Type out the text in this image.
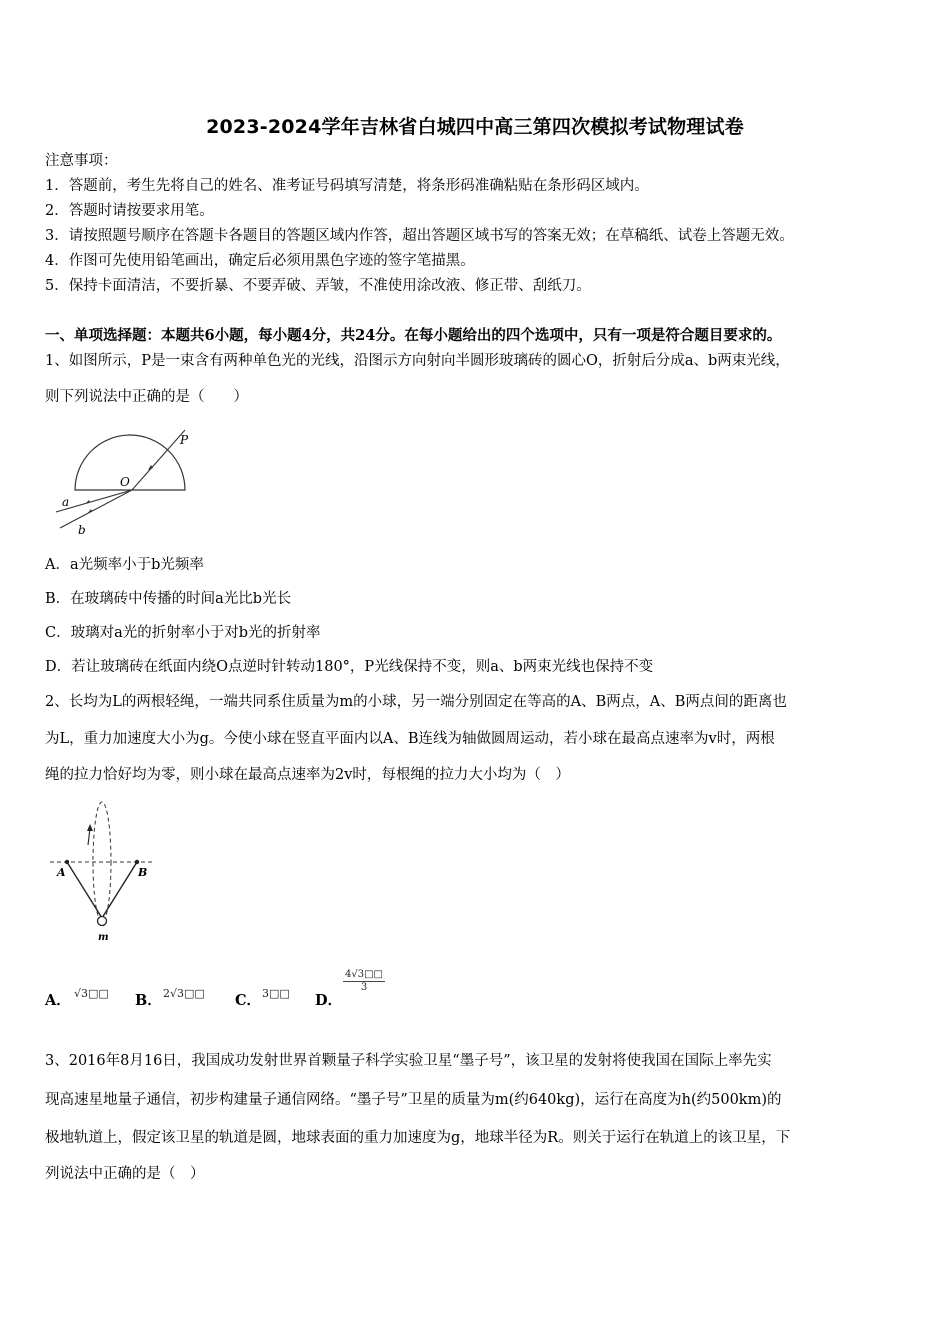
2023-2024学年吉林省白城四中高三第四次模拟考试物理试卷
注意事项：
1．答题前，考生先将自己的姓名、准考证号码填写清楚，将条形码准确粘贴在条形码区域内。
2．答题时请按要求用笔。
3．请按照题号顺序在答题卡各题目的答题区域内作答，超出答题区域书写的答案无效；在草稿纸、试卷上答题无效。
4．作图可先使用铅笔画出，确定后必须用黑色字迹的签字笔描黑。
5．保持卡面清洁，不要折暴、不要弄破、弄皱，不准使用涂改液、修正带、刮纸刀。
一、单项选择题：本题共6小题，每小题4分，共24分。在每小题给出的四个选项中，只有一项是符合题目要求的。
1、如图所示，P是一束含有两种单色光的光线，沿图示方向射向半圆形玻璃砖的圆心O，折射后分成a、b两束光线，
则下列说法中正确的是（　　）
P
O
a
b
A．a光频率小于b光频率
B．在玻璃砖中传播的时间a光比b光长
C．玻璃对a光的折射率小于对b光的折射率
D．若让玻璃砖在纸面内绕O点逆时针转动180°，P光线保持不变，则a、b两束光线也保持不变
2、长均为L的两根轻绳，一端共同系住质量为m的小球，另一端分别固定在等高的A、B两点，A、B两点间的距离也
为L，重力加速度大小为g。今使小球在竖直平面内以A、B连线为轴做圆周运动，若小球在最高点速率为v时，两根
绳的拉力恰好均为零，则小球在最高点速率为2v时，每根绳的拉力大小均为（　）
A	B
m
A． √3□□ B． 2√3□□ C． 3□□ D．
$\frac{4√3□□}{3}$
3、2016年8月16日，我国成功发射世界首颗量子科学实验卫星“墨子号”，该卫星的发射将使我国在国际上率先实
现高速星地量子通信，初步构建量子通信网络。“墨子号”卫星的质量为m(约640kg)，运行在高度为h(约500km)的
极地轨道上，假定该卫星的轨道是圆，地球表面的重力加速度为g，地球半径为R。则关于运行在轨道上的该卫星，下
列说法中正确的是（　）
